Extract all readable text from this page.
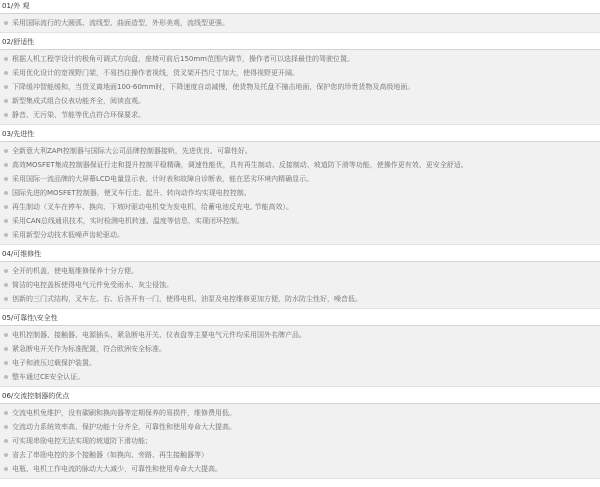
01/外 观
采用国际流行的大圆弧、流线型、曲面造型，外形美观，流线型更强。
02/舒适性
根据人机工程学设计的极角可调式方向盘，座椅可前后150mm范围内调节，操作者可以选择最佳的驾驶位置。
采用优化设计的宽视野门架，不易挡住操作者视线，货叉架开挡尺寸加大，使得视野更开阔。
下降缓冲智能缓和，当货叉离地面100-60mm时，下降速度自动减慢，使货物及托盘不撞击地面，保护您的珍贵货物及高级地面。
新型集成式组合仪表功能齐全，阅读直观。
静音、无污染、节能等优点符合环保要求。
03/先进性
全新意大利ZAPI控制器与国际大公司品牌控制器接轨，先进优良、可靠性好。
高效MOSFET集成控制器保证行走和提升控制平稳精确，调速性能优，具有再生制动、反接制动、坡道防下滑等功能，使操作更有效、更安全舒适。
采用国际一流品牌的大屏幕LCD电量显示表、计时表和故障自诊断表，能在恶劣环境内精确显示。
国际先进的MOSFET控制器，使叉车行走、起升、转向动作均实现电控控制。
再生制动（叉车在停车、换向、下坡时驱动电机变为发电机，给蓄电池反充电, 节能高效）。
采用CAN总线通讯技术，实时检测电机转速、温度等信息，实现闭环控制。
采用新型分动技术低噪声齿轮驱动。
04/可维修性
全开的机盖，使电瓶维修保养十分方便。
简洁的电控盖板使得电气元件免受雨水、灰尘侵蚀。
创新的三门式结构，叉车左、右、后各开有一门，使得电机、油泵及电控维修更加方便，防水防尘性好，噪音低。
05/可靠性\安全性
电机控制器、接触器、电源插头、紧急断电开关、仪表盘等主要电气元件均采用国外名牌产品。
紧急断电开关作为标准配置，符合欧洲安全标准。
电子和液压过载保护装置。
整车通过CE安全认证。
06/交流控制器的优点
交流电机免维护，没有碳刷和换向器等定期保养的易损件，维修费用低。
交流动力系统效率高、保护功能十分齐全，可靠性和使用寿命大大提高。
可实现串励电控无法实现的坡道防下滑功能；
省去了串励电控的多个接触器（如换向、旁路、再生接触器等）
电瓶、电机工作电流的脉动大大减少，可靠性和使用寿命大大提高。
